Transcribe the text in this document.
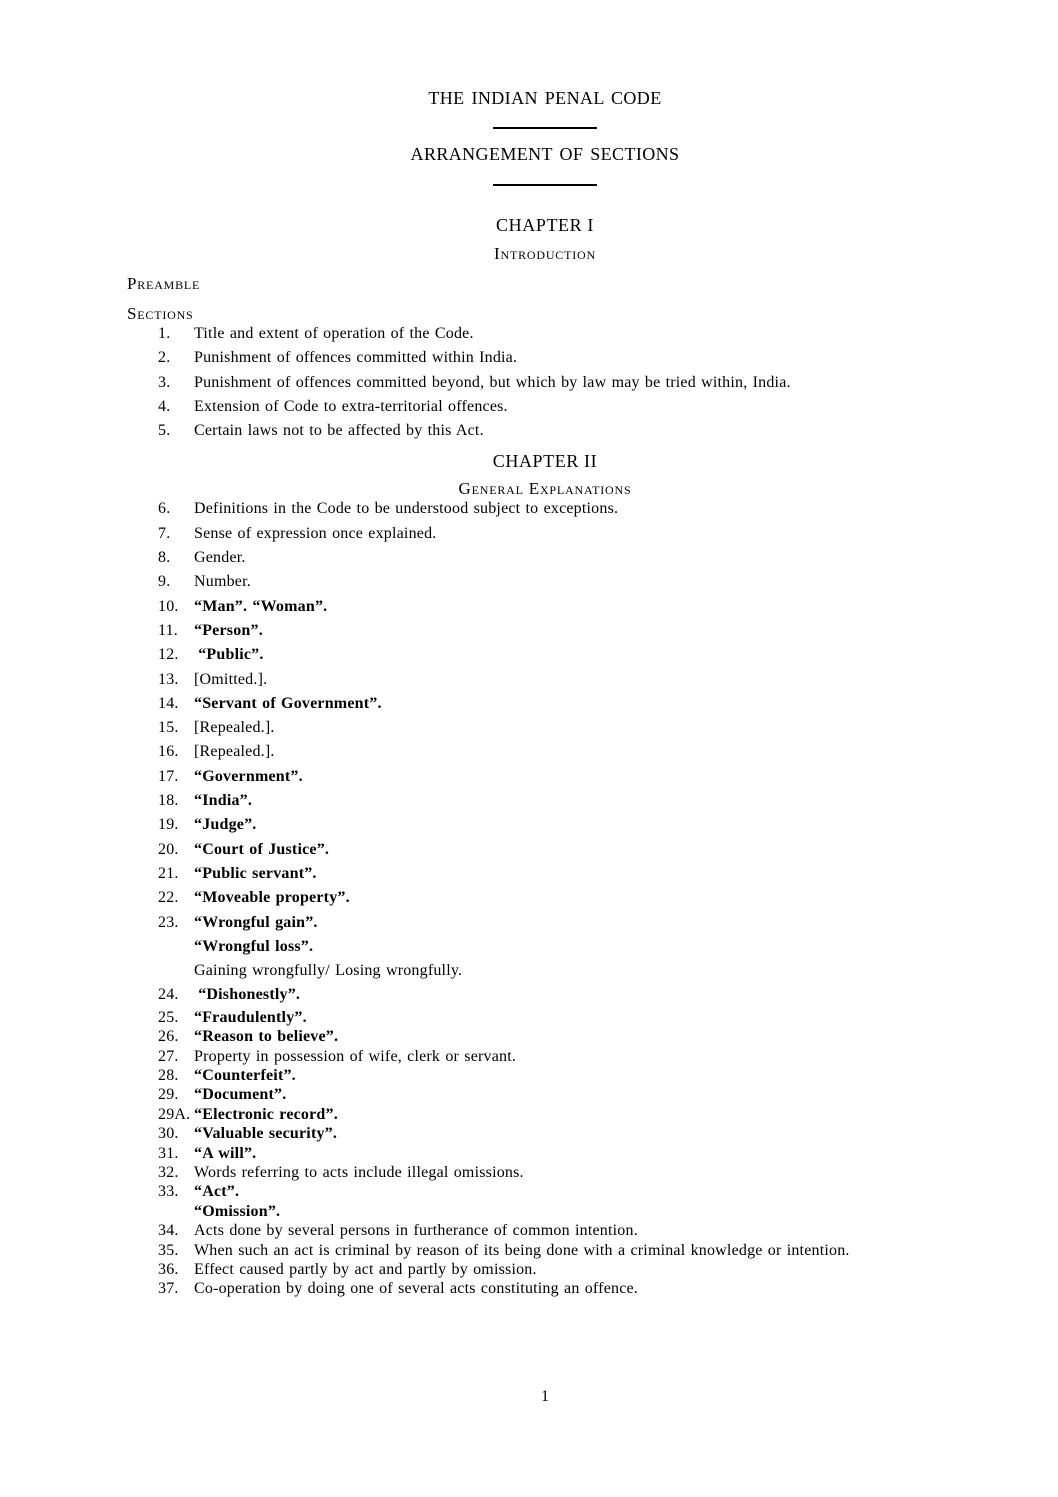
THE INDIAN PENAL CODE
ARRANGEMENT OF SECTIONS
CHAPTER I
Introduction
Preamble
Sections
1. Title and extent of operation of the Code.
2. Punishment of offences committed within India.
3. Punishment of offences committed beyond, but which by law may be tried within, India.
4. Extension of Code to extra-territorial offences.
5. Certain laws not to be affected by this Act.
CHAPTER II
General Explanations
6. Definitions in the Code to be understood subject to exceptions.
7. Sense of expression once explained.
8. Gender.
9. Number.
10. “Man”. “Woman”.
11. “Person”.
12. “Public”.
13. [Omitted.].
14. “Servant of Government”.
15. [Repealed.].
16. [Repealed.].
17. “Government”.
18. “India”.
19. “Judge”.
20. “Court of Justice”.
21. “Public servant”.
22. “Moveable property”.
23. “Wrongful gain”.
“Wrongful loss”.
Gaining wrongfully/ Losing wrongfully.
24. “Dishonestly”.
25. “Fraudulently”.
26. “Reason to believe”.
27. Property in possession of wife, clerk or servant.
28. “Counterfeit”.
29. “Document”.
29A. “Electronic record”.
30. “Valuable security”.
31. “A will”.
32. Words referring to acts include illegal omissions.
33. “Act”.
“Omission”.
34. Acts done by several persons in furtherance of common intention.
35. When such an act is criminal by reason of its being done with a criminal knowledge or intention.
36. Effect caused partly by act and partly by omission.
37. Co-operation by doing one of several acts constituting an offence.
1
